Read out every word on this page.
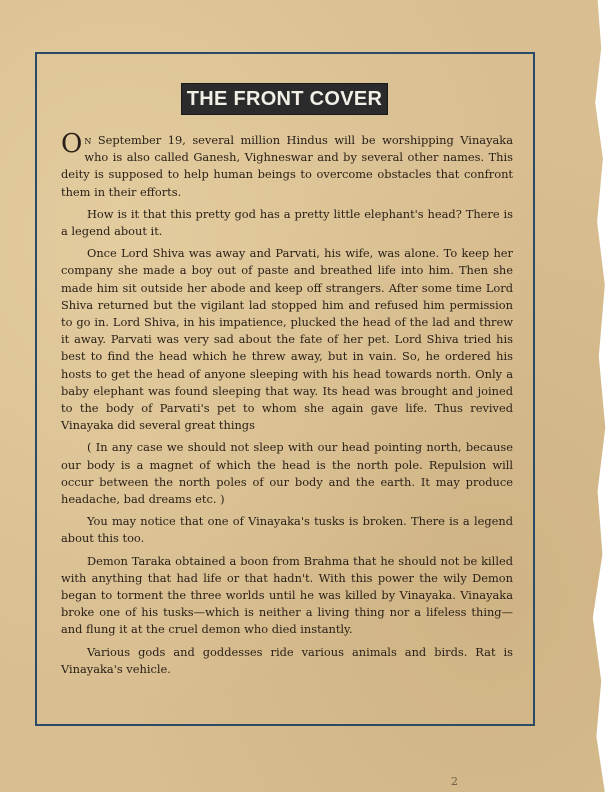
THE FRONT COVER

On September 19, several million Hindus will be worshipping Vinayaka who is also called Ganesh, Vighneswar and by several other names. This deity is supposed to help human beings to overcome obstacles that confront them in their efforts.

How is it that this pretty god has a pretty little elephant's head? There is a legend about it.

Once Lord Shiva was away and Parvati, his wife, was alone. To keep her company she made a boy out of paste and breathed life into him. Then she made him sit outside her abode and keep off strangers. After some time Lord Shiva returned but the vigilant lad stopped him and refused him permission to go in. Lord Shiva, in his impatience, plucked the head of the lad and threw it away. Parvati was very sad about the fate of her pet. Lord Shiva tried his best to find the head which he threw away, but in vain. So, he ordered his hosts to get the head of anyone sleeping with his head towards north. Only a baby elephant was found sleeping that way. Its head was brought and joined to the body of Parvati's pet to whom she again gave life. Thus revived Vinayaka did several great things

( In any case we should not sleep with our head pointing north, because our body is a magnet of which the head is the north pole. Repulsion will occur between the north poles of our body and the earth. It may produce headache, bad dreams etc. )

You may notice that one of Vinayaka's tusks is broken. There is a legend about this too.

Demon Taraka obtained a boon from Brahma that he should not be killed with anything that had life or that hadn't. With this power the wily Demon began to torment the three worlds until he was killed by Vinayaka. Vinayaka broke one of his tusks—which is neither a living thing nor a lifeless thing—and flung it at the cruel demon who died instantly.

Various gods and goddesses ride various animals and birds. Rat is Vinayaka's vehicle.

2
